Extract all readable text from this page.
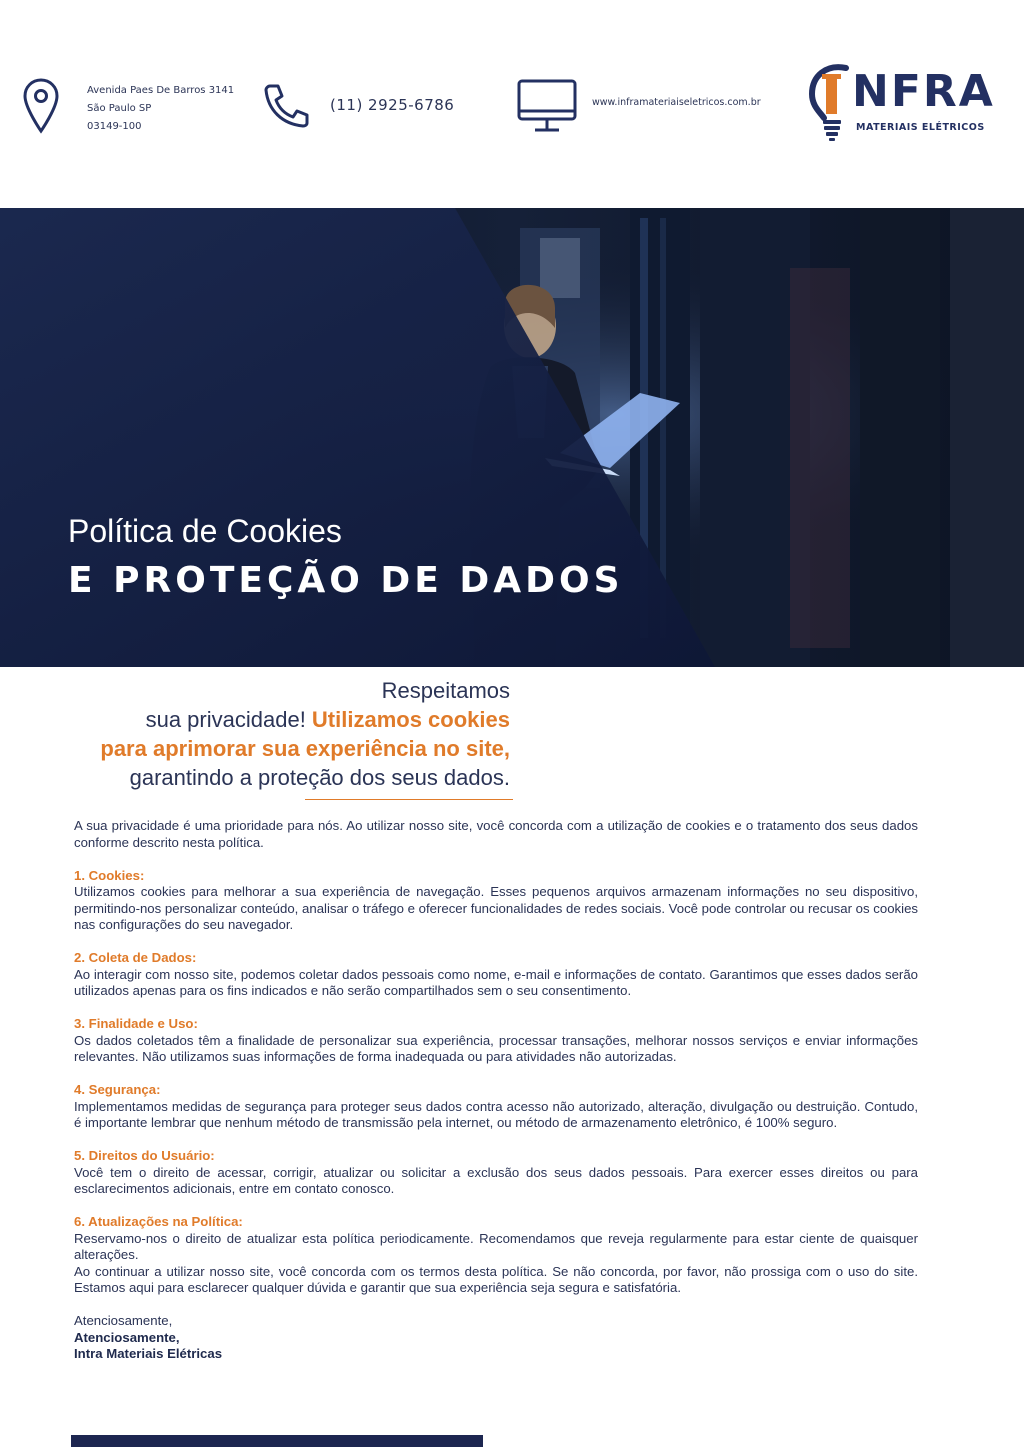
Avenida Paes De Barros 3141
São Paulo SP
03149-100
(11) 2925-6786	www.inframateriaiseletricos.com.br NFRA
MATERIAIS ELÉTRICOS
Política de Cookies
E PROTEÇÃO DE DADOS
Respeitamos
sua privacidade! Utilizamos cookies
para aprimorar sua experiência no site,
garantindo a proteção dos seus dados.

A sua privacidade é uma prioridade para nós. Ao utilizar nosso site, você concorda com a utilização de cookies e o tratamento dos seus dados conforme descrito nesta política.

1. Cookies:

Utilizamos cookies para melhorar a sua experiência de navegação. Esses pequenos arquivos armazenam informações no seu dispositivo, permitindo-nos personalizar conteúdo, analisar o tráfego e oferecer funcionalidades de redes sociais. Você pode controlar ou recusar os cookies nas configurações do seu navegador.

2. Coleta de Dados:

Ao interagir com nosso site, podemos coletar dados pessoais como nome, e-mail e informações de contato. Garantimos que esses dados serão utilizados apenas para os fins indicados e não serão compartilhados sem o seu consentimento.

3. Finalidade e Uso:

Os dados coletados têm a finalidade de personalizar sua experiência, processar transações, melhorar nossos serviços e enviar informações relevantes. Não utilizamos suas informações de forma inadequada ou para atividades não autorizadas.

4. Segurança:

Implementamos medidas de segurança para proteger seus dados contra acesso não autorizado, alteração, divulgação ou destruição. Contudo, é importante lembrar que nenhum método de transmissão pela internet, ou método de armazenamento eletrônico, é 100% seguro.

5. Direitos do Usuário:

Você tem o direito de acessar, corrigir, atualizar ou solicitar a exclusão dos seus dados pessoais. Para exercer esses direitos ou para esclarecimentos adicionais, entre em contato conosco.

6. Atualizações na Política:

Reservamo-nos o direito de atualizar esta política periodicamente. Recomendamos que reveja regularmente para estar ciente de quaisquer alterações.

Ao continuar a utilizar nosso site, você concorda com os termos desta política. Se não concorda, por favor, não prossiga com o uso do site. Estamos aqui para esclarecer qualquer dúvida e garantir que sua experiência seja segura e satisfatória.

Atenciosamente,

Atenciosamente,

Intra Materiais Elétricas
